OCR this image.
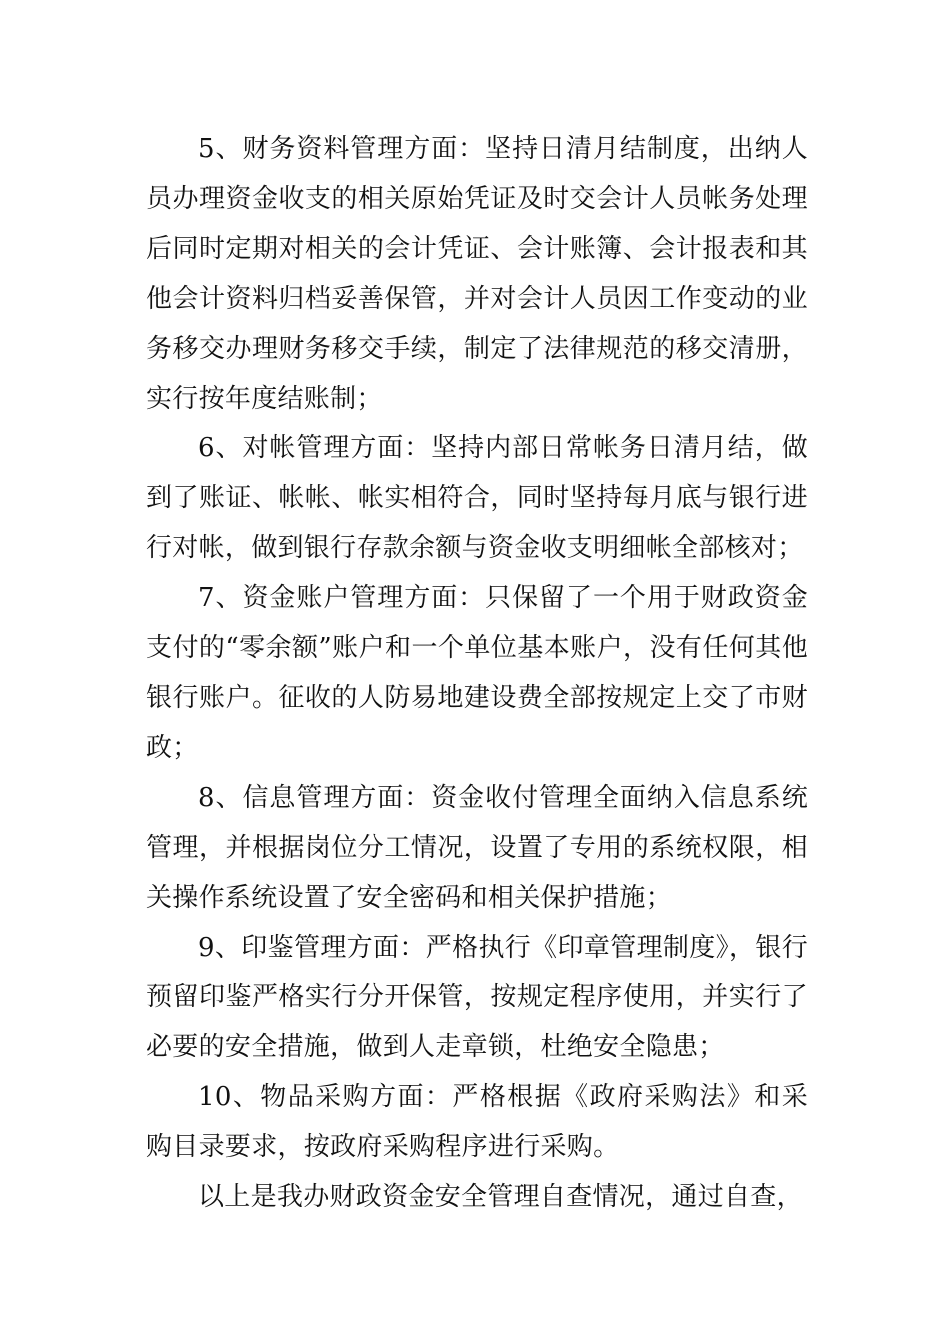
5、财务资料管理方面：坚持日清月结制度，出纳人员办理资金收支的相关原始凭证及时交会计人员帐务处理后同时定期对相关的会计凭证、会计账簿、会计报表和其他会计资料归档妥善保管，并对会计人员因工作变动的业务移交办理财务移交手续，制定了法律规范的移交清册，实行按年度结账制；

6、对帐管理方面：坚持内部日常帐务日清月结，做到了账证、帐帐、帐实相符合，同时坚持每月底与银行进行对帐，做到银行存款余额与资金收支明细帐全部核对；

7、资金账户管理方面：只保留了一个用于财政资金支付的“零余额”账户和一个单位基本账户，没有任何其他银行账户。征收的人防易地建设费全部按规定上交了市财政；

8、信息管理方面：资金收付管理全面纳入信息系统管理，并根据岗位分工情况，设置了专用的系统权限，相关操作系统设置了安全密码和相关保护措施；

9、印鉴管理方面：严格执行《印章管理制度》，银行预留印鉴严格实行分开保管，按规定程序使用，并实行了必要的安全措施，做到人走章锁，杜绝安全隐患；

10、物品采购方面：严格根据《政府采购法》和采购目录要求，按政府采购程序进行采购。

以上是我办财政资金安全管理自查情况，通过自查，
